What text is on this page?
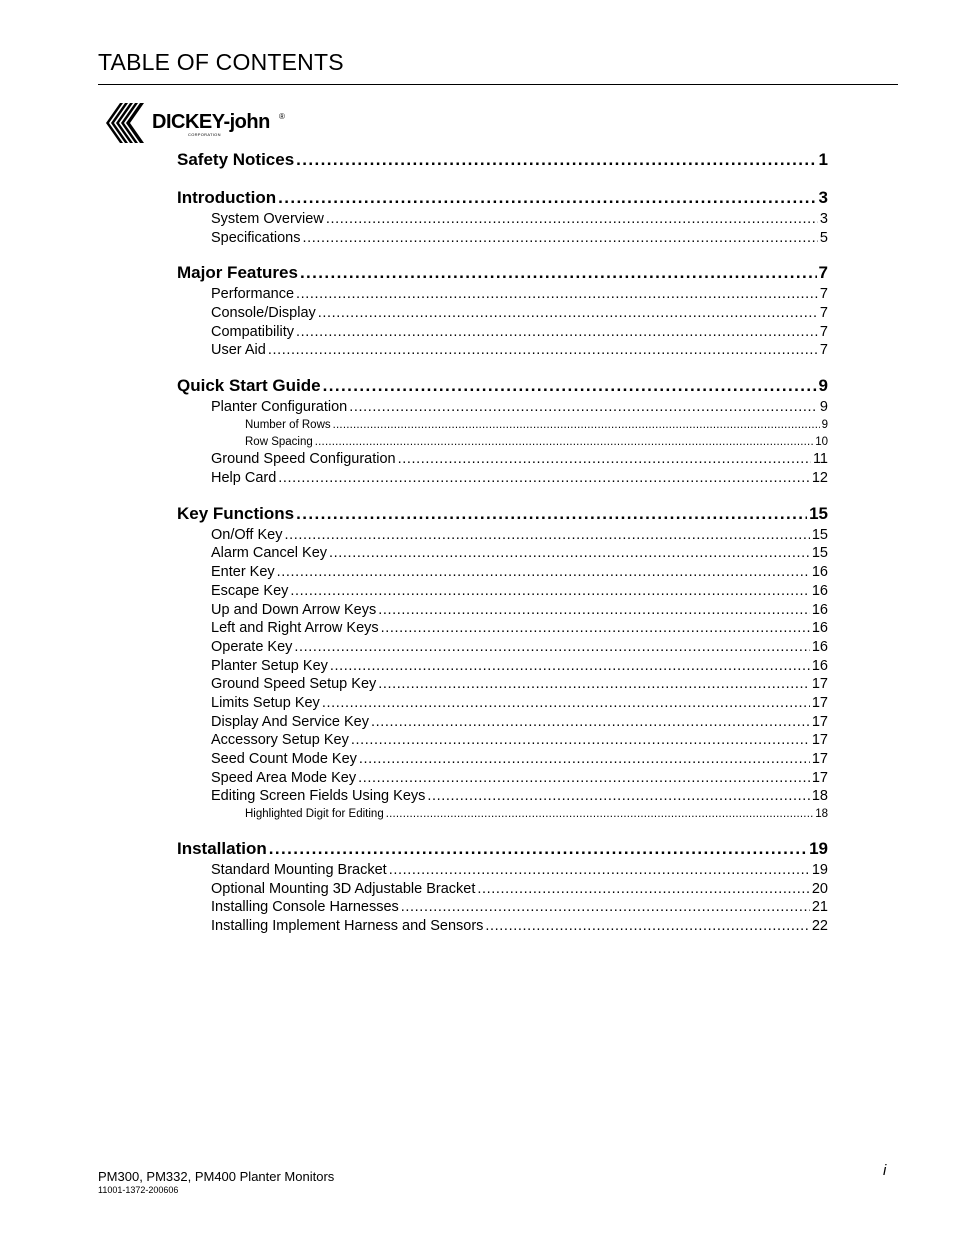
TABLE OF CONTENTS
DICKEY-john ®
CORPORATION
Safety Notices .....	1
Introduction .....	3
System Overview .....	3
Specifications .....	5
Major Features .....	7
Performance .....	7
Console/Display .....	7
Compatibility .....	7
User Aid .....	7
Quick Start Guide .....	9
Planter Configuration .....	9
Number of Rows .....	9
Row Spacing .....	10
Ground Speed Configuration .....	11
Help Card .....	12
Key Functions .....	15
On/Off Key .....	15
Alarm Cancel Key .....	15
Enter Key .....	16
Escape Key .....	16
Up and Down Arrow Keys .....	16
Left and Right Arrow Keys .....	16
Operate Key .....	16
Planter Setup Key .....	16
Ground Speed Setup Key .....	17
Limits Setup Key .....	17
Display And Service Key .....	17
Accessory Setup Key .....	17
Seed Count Mode Key .....	17
Speed Area Mode Key .....	17
Editing Screen Fields Using Keys .....	18
Highlighted Digit for Editing .....	18
Installation .....	19
Standard Mounting Bracket .....	19
Optional Mounting 3D Adjustable Bracket .....	20
Installing Console Harnesses .....	21
Installing Implement Harness and Sensors .....	22
PM300, PM332, PM400 Planter Monitors
11001-1372-200606
i
